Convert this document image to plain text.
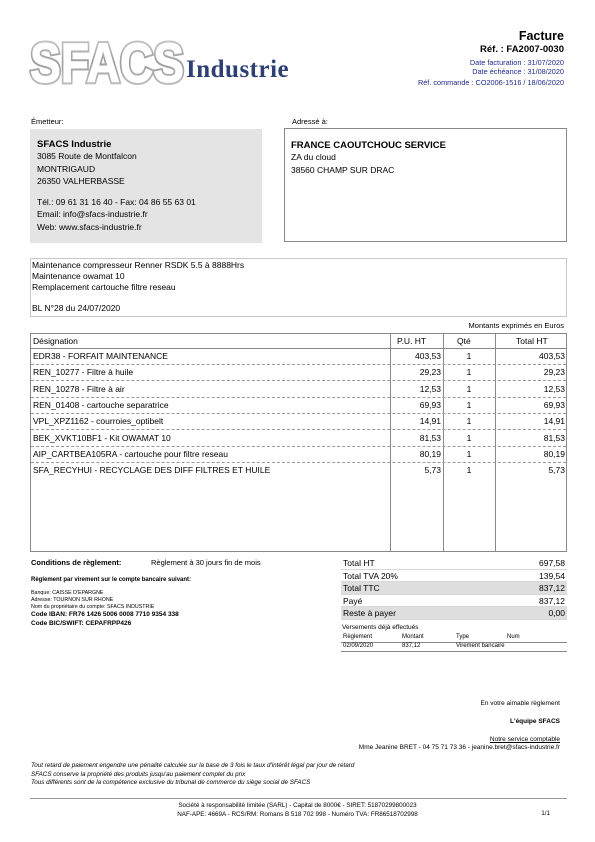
SFACS
SFACS Industrie
Facture
Réf. : FA2007-0030
Date facturation : 31/07/2020
Date échéance : 31/08/2020
Réf. commande : CO2006-1516 / 18/06/2020
Émetteur:
SFACS Industrie
3085 Route de Montfalcon
MONTRIGAUD
26350 VALHERBASSE
Tél.: 09 61 31 16 40 - Fax: 04 86 55 63 01
Email: info@sfacs-industrie.fr
Web: www.sfacs-industrie.fr
Adressé à:
FRANCE CAOUTCHOUC SERVICE
ZA du cloud
38560 CHAMP SUR DRAC
Maintenance compresseur Renner RSDK 5.5 à 8888Hrs
Maintenance owamat 10
Remplacement cartouche filtre reseau
BL N°28 du 24/07/2020
Montants exprimés en Euros
Désignation	P.U. HT	Qté	Total HT
EDR38 - FORFAIT MAINTENANCE	403,53	1	403,53
REN_10277 - Filtre à huile	29,23	1	29,23
REN_10278 - Filtre à air	12,53	1	12,53
REN_01408 - cartouche separatrice	69,93	1	69,93
VPL_XPZ1162 - courroies_optibelt	14,91	1	14,91
BEK_XVKT10BF1 - Kit OWAMAT 10	81,53	1	81,53
AIP_CARTBEA105RA - cartouche pour filtre reseau	80,19	1	80,19
SFA_RECYHUI - RECYCLAGE DES DIFF FILTRES ET HUILE	5,73	1	5,73
Conditions de règlement:	Règlement à 30 jours fin de mois
Règlement par virement sur le compte bancaire suivant:
Banque: CAISSE D'EPARGNE
Adresse: TOURNON SUR RHONE
Nom du propriétaire du compte: SFACS INDUSTRIE
Code IBAN: FR76 1426 5006 0008 7710 9354 338
Code BIC/SWIFT: CEPAFRPP426
Total HT	697,58
Total TVA 20%	139,54
Total TTC	837,12
Payé	837,12
Reste à payer	0,00
Versements déjà effectués
Règlement	Montant	Type	Num
02/09/2020	837,12	Virement bancaire
En votre aimable règlement
L'équipe SFACS
Notre service comptable
Mme Jeanine BRET - 04 75 71 73 36 - jeanine.bret@sfacs-industrie.fr
Tout retard de paiement engendre une pénalité calculée sur la base de 3 fois le taux d'intérêt légal par jour de retard
SFACS conserve la propriété des produits jusqu'au paiement complet du prix
Tous différents sont de la compétence exclusive du tribunal de commerce du siège social de SFACS
Société à responsabilité limitée (SARL) - Capital de 8000€ - SIRET: 51870299800023
NAF-APE: 4669A - RCS/RM: Romans B 518 702 998 - Numéro TVA: FR86518702998	1/1
